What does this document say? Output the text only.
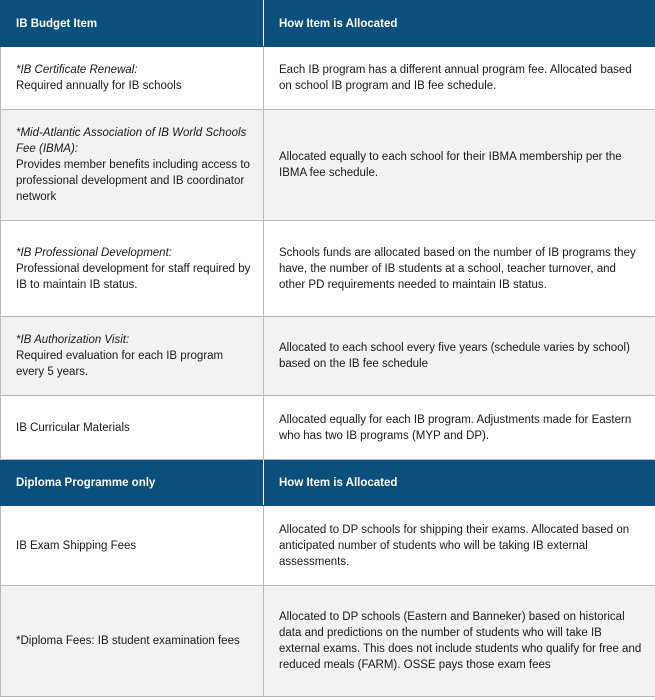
IB Budget Item	How Item is Allocated

*IB Certificate Renewal:
Required annually for IB schools	Each IB program has a different annual program fee. Allocated based on school IB program and IB fee schedule.

*Mid-Atlantic Association of IB World Schools Fee (IBMA):
Provides member benefits including access to professional development and IB coordinator network	Allocated equally to each school for their IBMA membership per the IBMA fee schedule.

*IB Professional Development:
Professional development for staff required by IB to maintain IB status.	Schools funds are allocated based on the number of IB programs they have, the number of IB students at a school, teacher turnover, and other PD requirements needed to maintain IB status.

*IB Authorization Visit:
Required evaluation for each IB program every 5 years.	Allocated to each school every five years (schedule varies by school) based on the IB fee schedule

IB Curricular Materials	Allocated equally for each IB program. Adjustments made for Eastern who has two IB programs (MYP and DP).
Diploma Programme only	How Item is Allocated

IB Exam Shipping Fees	Allocated to DP schools for shipping their exams. Allocated based on anticipated number of students who will be taking IB external assessments.

*Diploma Fees: IB student examination fees	Allocated to DP schools (Eastern and Banneker) based on historical data and predictions on the number of students who will take IB external exams. This does not include students who qualify for free and reduced meals (FARM). OSSE pays those exam fees
